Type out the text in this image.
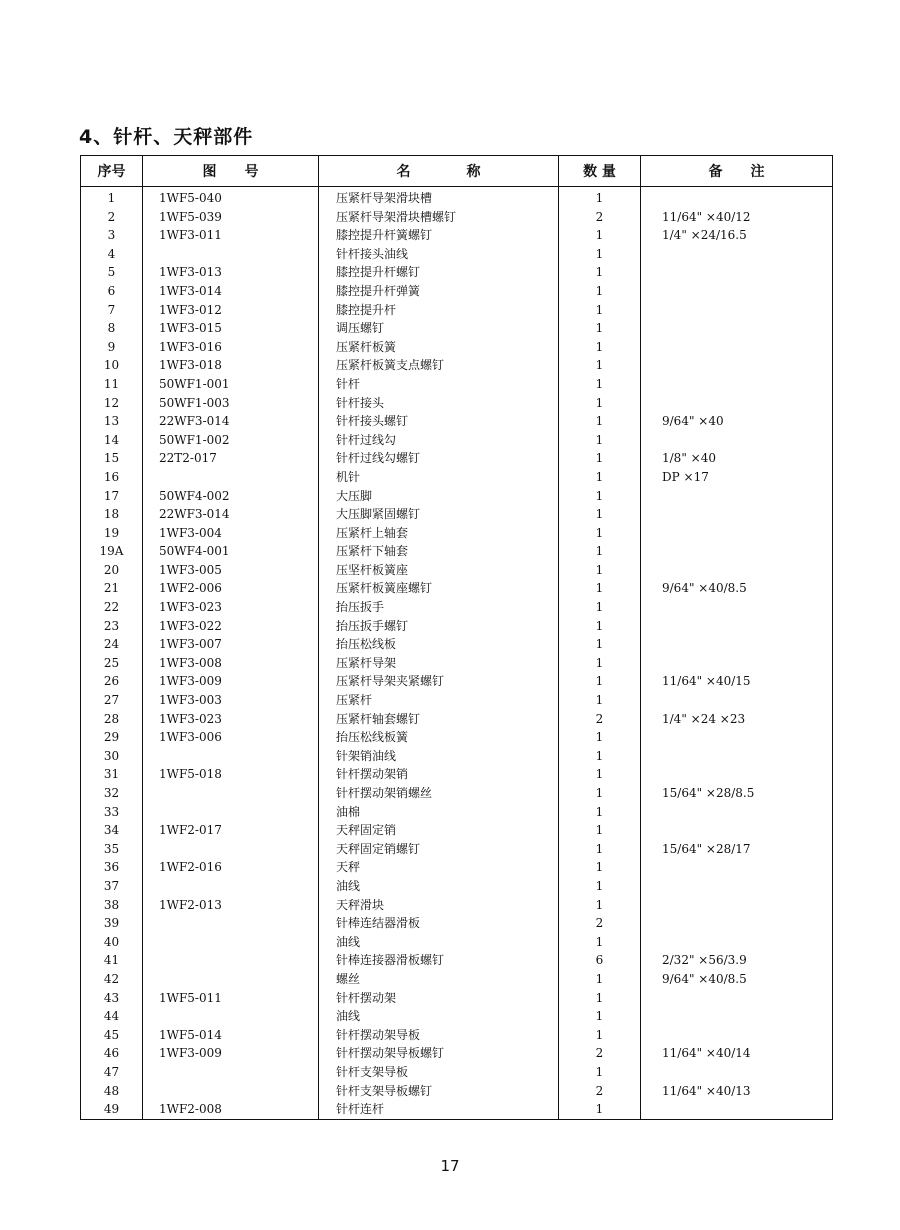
4、针杆、天秤部件
序号	图　　号	名　　　　称	数 量	备　　注
1	1WF5-040	压紧杆导架滑块槽	1	
2	1WF5-039	压紧杆导架滑块槽螺钉	2	11/64" ×40/12
3	1WF3-011	膝控提升杆簧螺钉	1	1/4" ×24/16.5
4		针杆接头油线	1	
5	1WF3-013	膝控提升杆螺钉	1	
6	1WF3-014	膝控提升杆弹簧	1	
7	1WF3-012	膝控提升杆	1	
8	1WF3-015	调压螺钉	1	
9	1WF3-016	压紧杆板簧	1	
10	1WF3-018	压紧杆板簧支点螺钉	1	
11	50WF1-001	针杆	1	
12	50WF1-003	针杆接头	1	
13	22WF3-014	针杆接头螺钉	1	9/64" ×40
14	50WF1-002	针杆过线勾	1	
15	22T2-017	针杆过线勾螺钉	1	1/8" ×40
16		机针	1	DP ×17
17	50WF4-002	大压脚	1	
18	22WF3-014	大压脚紧固螺钉	1	
19	1WF3-004	压紧杆上轴套	1	
19A	50WF4-001	压紧杆下轴套	1	
20	1WF3-005	压坚杆板簧座	1	
21	1WF2-006	压紧杆板簧座螺钉	1	9/64" ×40/8.5
22	1WF3-023	抬压扳手	1	
23	1WF3-022	抬压扳手螺钉	1	
24	1WF3-007	抬压松线板	1	
25	1WF3-008	压紧杆导架	1	
26	1WF3-009	压紧杆导架夹紧螺钉	1	11/64" ×40/15
27	1WF3-003	压紧杆	1	
28	1WF3-023	压紧杆轴套螺钉	2	1/4" ×24 ×23
29	1WF3-006	抬压松线板簧	1	
30		针架销油线	1	
31	1WF5-018	针杆摆动架销	1	
32		针杆摆动架销螺丝	1	15/64" ×28/8.5
33		油棉	1	
34	1WF2-017	天秤固定销	1	
35		天秤固定销螺钉	1	15/64" ×28/17
36	1WF2-016	天秤	1	
37		油线	1	
38	1WF2-013	天秤滑块	1	
39		针棒连结器滑板	2	
40		油线	1	
41		针棒连接器滑板螺钉	6	2/32" ×56/3.9
42		螺丝	1	9/64" ×40/8.5
43	1WF5-011	针杆摆动架	1	
44		油线	1	
45	1WF5-014	针杆摆动架导板	1	
46	1WF3-009	针杆摆动架导板螺钉	2	11/64" ×40/14
47		针杆支架导板	1	
48		针杆支架导板螺钉	2	11/64" ×40/13
49	1WF2-008	针杆连杆	1	
17
